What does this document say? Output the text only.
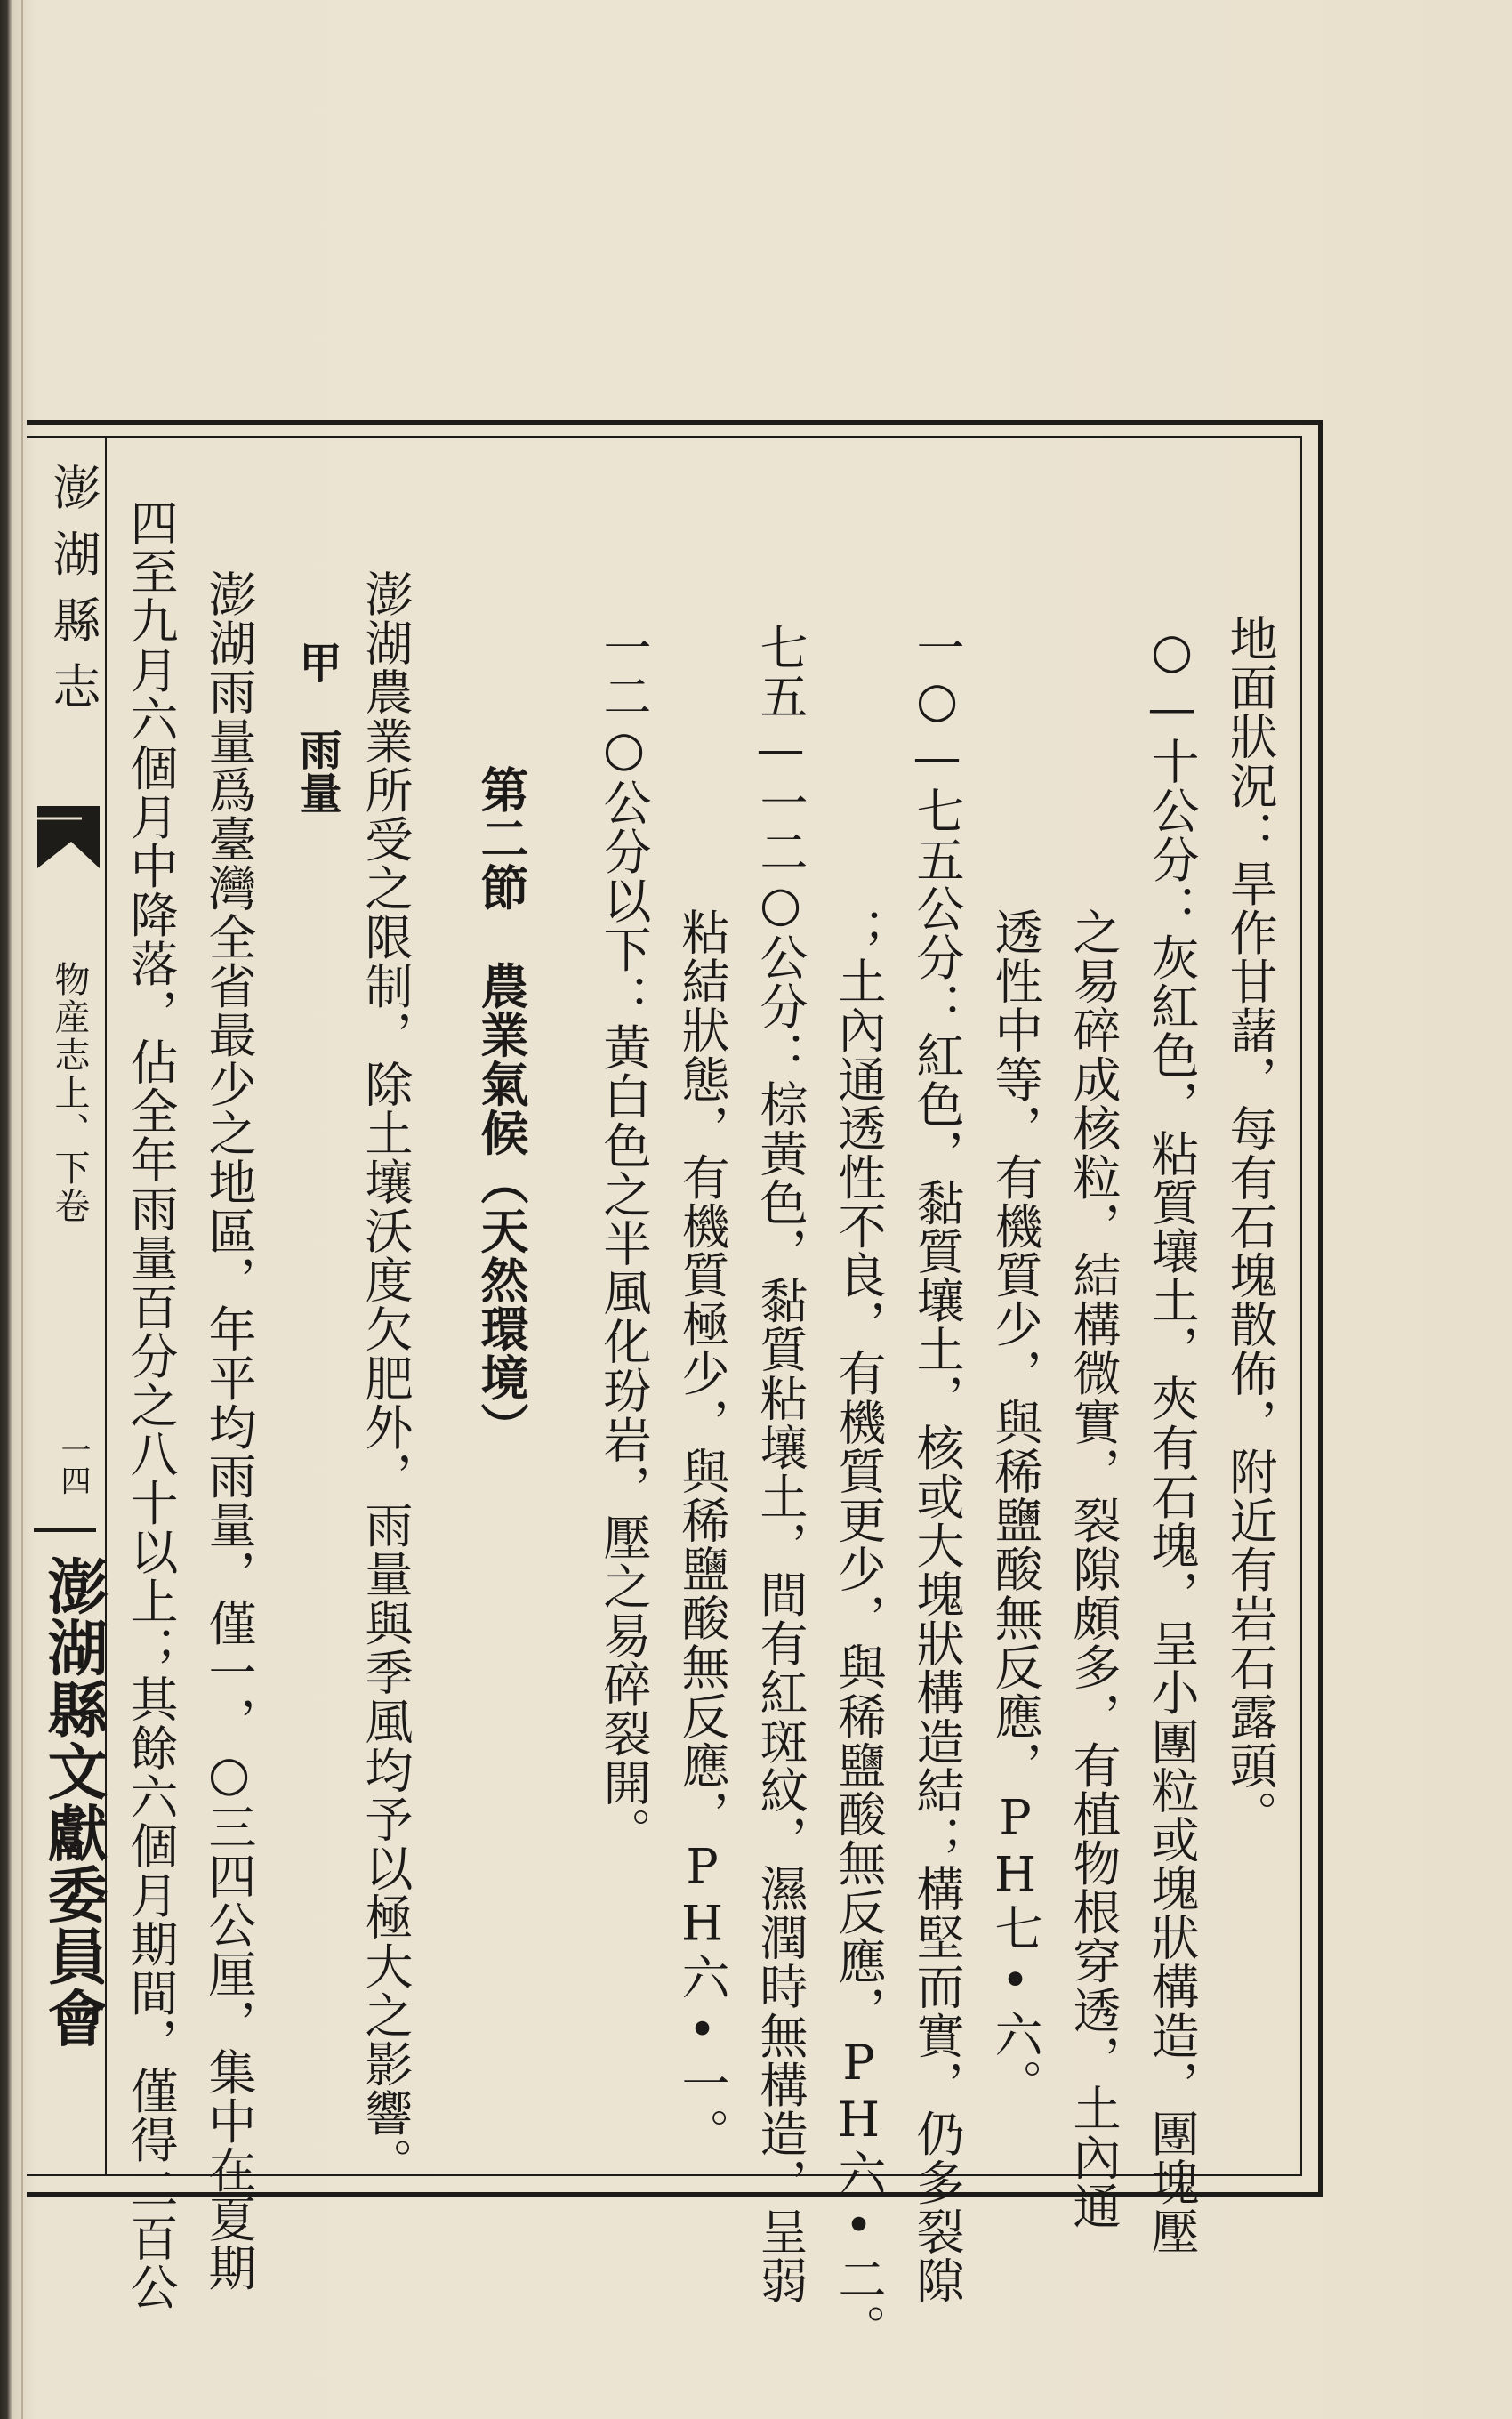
澎湖縣志
物産志上、下卷
一四
澎湖縣文獻委員會	地面狀況：旱作甘藷，每有石塊散佈，附近有岩石露頭。
○—十公分：灰紅色，粘質壤土，夾有石塊，呈小團粒或塊狀構造，團塊壓
之易碎成核粒，結構微實，裂隙頗多，有植物根穿透，土內通
透性中等，有機質少，與稀鹽酸無反應，PH七•六。
一○—七五公分：紅色，黏質壤土，核或大塊狀構造結；構堅而實，仍多裂隙
；土內通透性不良，有機質更少，與稀鹽酸無反應，PH六•二。
七五—一二○公分：棕黃色，黏質粘壤土，間有紅斑紋，濕潤時無構造，呈弱
粘結狀態，有機質極少，與稀鹽酸無反應，PH六•一。
一二○公分以下：黃白色之半風化玢岩，壓之易碎裂開。
第二節　農業氣候（天然環境）
澎湖農業所受之限制，除土壤沃度欠肥外，雨量與季風均予以極大之影響。
甲　雨量
澎湖雨量爲臺灣全省最少之地區，年平均雨量，僅一，○三四公厘，集中在夏期
四至九月六個月中降落，佔全年雨量百分之八十以上；其餘六個月期間，僅得二百公
